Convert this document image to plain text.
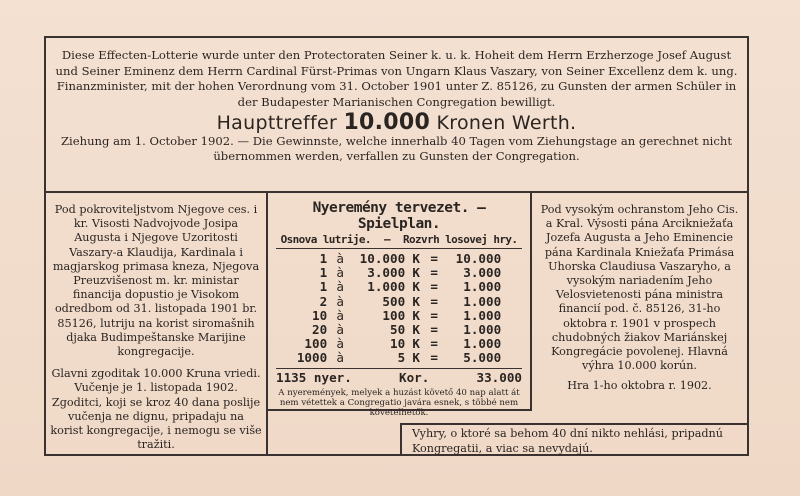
Diese Effecten-Lotterie wurde unter den Protectoraten Seiner k. u. k. Hoheit dem Herrn Erzherzoge Josef August und Seiner Eminenz dem Herrn Cardinal Fürst-Primas von Ungarn Klaus Vaszary, von Seiner Excellenz dem k. ung. Finanzminister, mit der hohen Verordnung vom 31. October 1901 unter Z. 85126, zu Gunsten der armen Schüler in der Budapester Marianischen Congregation bewilligt.
Haupttreffer 10.000 Kronen Werth.
Ziehung am 1. October 1902. — Die Gewinnste, welche innerhalb 40 Tagen vom Ziehungstage an gerechnet nicht übernommen werden, verfallen zu Gunsten der Congregation.

Pod pokroviteljstvom Njegove ces. i kr. Visosti Nadvojvode Josipa Augusta i Njegove Uzoritosti Vaszary-a Klaudija, Kardinala i magjarskog primasa kneza, Njegova Preuzvišenost m. kr. ministar financija dopustio je Visokom odredbom od 31. listopada 1901 br. 85126, lutriju na korist siromašnih djaka Budimpeštanske Marijine kongregacije.

Glavni zgoditak 10.000 Kruna vriedi. Vučenje je 1. listopada 1902. Zgoditci, koji se kroz 40 dana poslije vučenja ne dignu, pripadaju na korist kongregacije, i nemogu se više tražiti.

Nyeremény tervezet. — Spielplan.
Osnova lutrije. — Rozvrh losovej hry.
1	à	10.000	K	=	10.000
1	à	3.000	K	=	3.000
1	à	1.000	K	=	1.000
2	à	500	K	=	1.000
10	à	100	K	=	1.000
20	à	50	K	=	1.000
100	à	10	K	=	1.000
1000	à	5	K	=	5.000
1135 nyer.	Kor.	33.000
A nyeremények, melyek a huzást követő 40 nap alatt át nem vétettek a Congregatio javára esnek, s többé nem követelhetők.

Pod vysokým ochranstom Jeho Cis. a Kral. Výsosti pána Arcikniežaťa Jozefa Augusta a Jeho Eminencie pána Kardinala Kniežaťa Primása Uhorska Claudiusa Vaszaryho, a vysokým nariadením Jeho Velosvietenosti pána ministra financií pod. č. 85126, 31-ho oktobra r. 1901 v prospech chudobných žiakov Mariánskej Kongregácie povolenej. Hlavná výhra 10.000 korún.

Hra 1-ho oktobra r. 1902.

Vyhry, o ktoré sa behom 40 dní nikto nehlási, pripadnú Kongregatii, a viac sa nevydajú.
